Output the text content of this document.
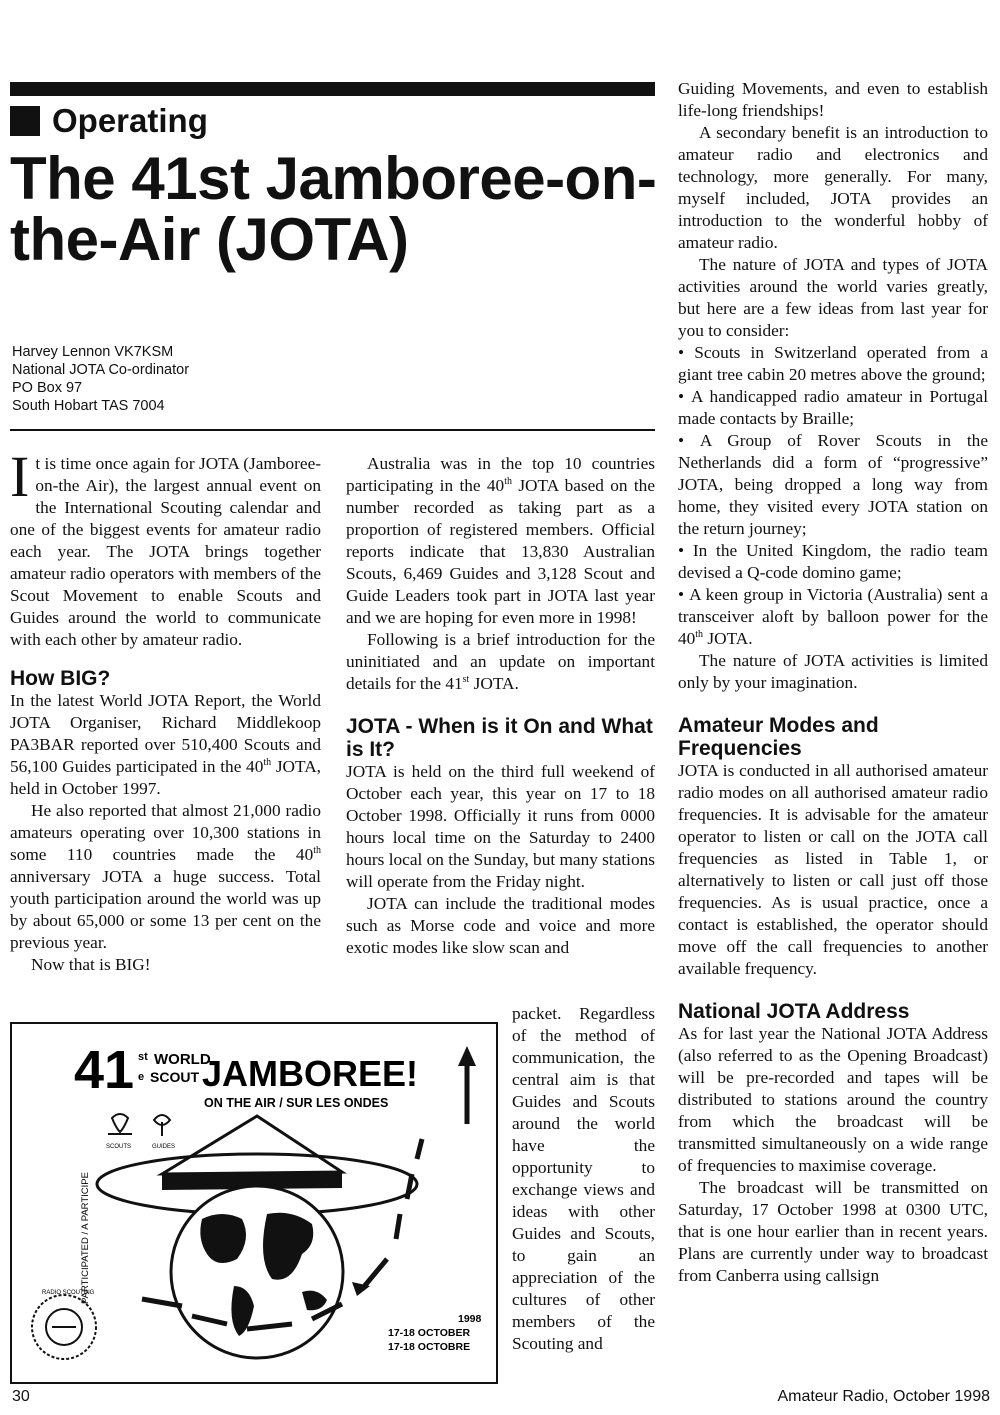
Operating
The 41st Jamboree-on-the-Air (JOTA)
Harvey Lennon VK7KSM
National JOTA Co-ordinator
PO Box 97
South Hobart TAS 7004

It is time once again for JOTA (Jamboree-on-the Air), the largest annual event on the International Scouting calendar and one of the biggest events for amateur radio each year. The JOTA brings together amateur radio operators with members of the Scout Movement to enable Scouts and Guides around the world to communicate with each other by amateur radio.

How BIG?

In the latest World JOTA Report, the World JOTA Organiser, Richard Middlekoop PA3BAR reported over 510,400 Scouts and 56,100 Guides participated in the 40th JOTA, held in October 1997.

He also reported that almost 21,000 radio amateurs operating over 10,300 stations in some 110 countries made the 40th anniversary JOTA a huge success. Total youth participation around the world was up by about 65,000 or some 13 per cent on the previous year.

Now that is BIG!

Australia was in the top 10 countries participating in the 40th JOTA based on the number recorded as taking part as a proportion of registered members. Official reports indicate that 13,830 Australian Scouts, 6,469 Guides and 3,128 Scout and Guide Leaders took part in JOTA last year and we are hoping for even more in 1998!

Following is a brief introduction for the uninitiated and an update on important details for the 41st JOTA.

JOTA - When is it On and What is It?

JOTA is held on the third full weekend of October each year, this year on 17 to 18 October 1998. Officially it runs from 0000 hours local time on the Saturday to 2400 hours local on the Sunday, but many stations will operate from the Friday night.

JOTA can include the traditional modes such as Morse code and voice and more exotic modes like slow scan and

packet. Regardless of the method of communication, the central aim is that Guides and Scouts around the world have the opportunity to exchange views and ideas with other Guides and Scouts, to gain an appreciation of the cultures of other members of the Scouting and

Guiding Movements, and even to establish life-long friendships!

A secondary benefit is an introduction to amateur radio and electronics and technology, more generally. For many, myself included, JOTA provides an introduction to the wonderful hobby of amateur radio.

The nature of JOTA and types of JOTA activities around the world varies greatly, but here are a few ideas from last year for you to consider:

• Scouts in Switzerland operated from a giant tree cabin 20 metres above the ground;
• A handicapped radio amateur in Portugal made contacts by Braille;
• A Group of Rover Scouts in the Netherlands did a form of “progressive” JOTA, being dropped a long way from home, they visited every JOTA station on the return journey;
• In the United Kingdom, the radio team devised a Q-code domino game;
• A keen group in Victoria (Australia) sent a transceiver aloft by balloon power for the 40th JOTA.

The nature of JOTA activities is limited only by your imagination.

Amateur Modes and Frequencies

JOTA is conducted in all authorised amateur radio modes on all authorised amateur radio frequencies. It is advisable for the amateur operator to listen or call on the JOTA call frequencies as listed in Table 1, or alternatively to listen or call just off those frequencies. As is usual practice, once a contact is established, the operator should move off the call frequencies to another available frequency.

National JOTA Address

As for last year the National JOTA Address (also referred to as the Opening Broadcast) will be pre-recorded and tapes will be distributed to stations around the country from which the broadcast will be transmitted simultaneously on a wide range of frequencies to maximise coverage.

The broadcast will be transmitted on Saturday, 17 October 1998 at 0300 UTC, that is one hour earlier than in recent years. Plans are currently under way to broadcast from Canberra using callsign

41 st
e
WORLD
SCOUT JAMBOREE!
ON THE AIR / SUR LES ONDES
PARTICIPATED / A PARTICIPE
SCOUTS	GUIDES
RADIO SCOUTING
1998
17-18 OCTOBER
17-18 OCTOBRE
30	Amateur Radio, October 1998
